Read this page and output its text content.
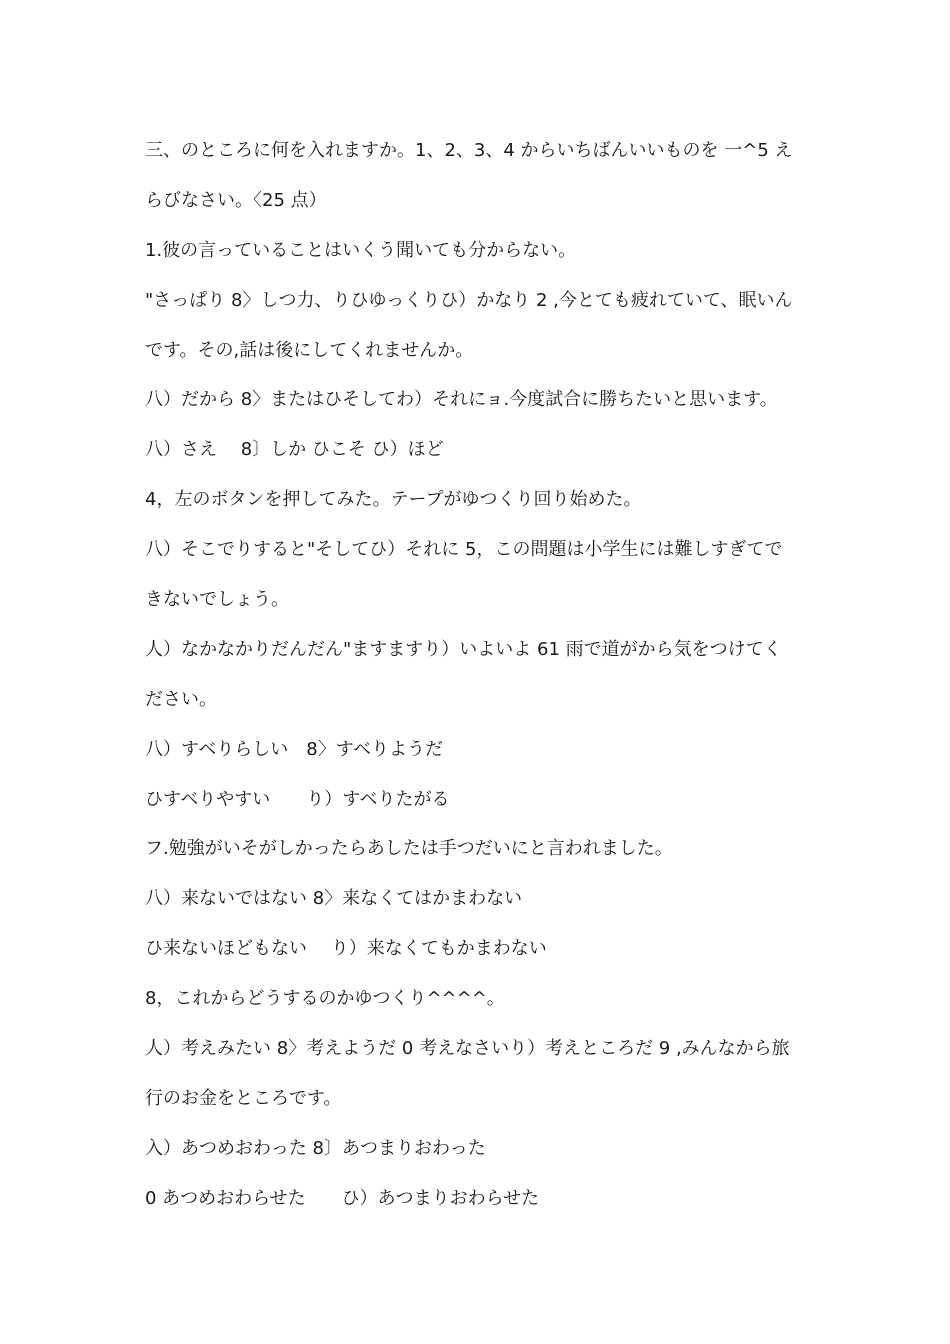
三、のところに何を入れますか。1、2、3、4 からいちばんいいものを 一^5 え
らびなさい。〈25 点）
1.彼の言っていることはいくう聞いても分からない。
"さっぱり 8〉しつ力、りひゆっくりひ）かなり 2 ,今とても疲れていて、眠いん
です。その,話は後にしてくれませんか。
八）だから 8〉またはひそしてわ）それにョ.今度試合に勝ちたいと思います。
八）さえ　 8〕しか ひこそ ひ）ほど
4，左のボタンを押してみた。テープがゆつくり回り始めた。
八）そこでりすると"そしてひ）それに 5，この問題は小学生には難しすぎてで
きないでしょう。
人）なかなかりだんだん"ますますり）いよいよ 61 雨で道がから気をつけてく
ださい。
八）すベりらしい　8〉すベりようだ
ひすベりやすい　　り）すベりたがる
フ.勉強がいそがしかったらあしたは手つだいにと言われました。
八）来ないではない 8〉来なくてはかまわない
ひ来ないほどもない　 り）来なくてもかまわない
8，これからどうするのかゆつくり^^^^。
人）考えみたい 8〉考えようだ 0 考えなさいり）考えところだ 9 ,みんなから旅
行のお金をところです。
入）あつめおわった 8〕あつまりおわった
0 あつめおわらせた　　ひ）あつまりおわらせた
